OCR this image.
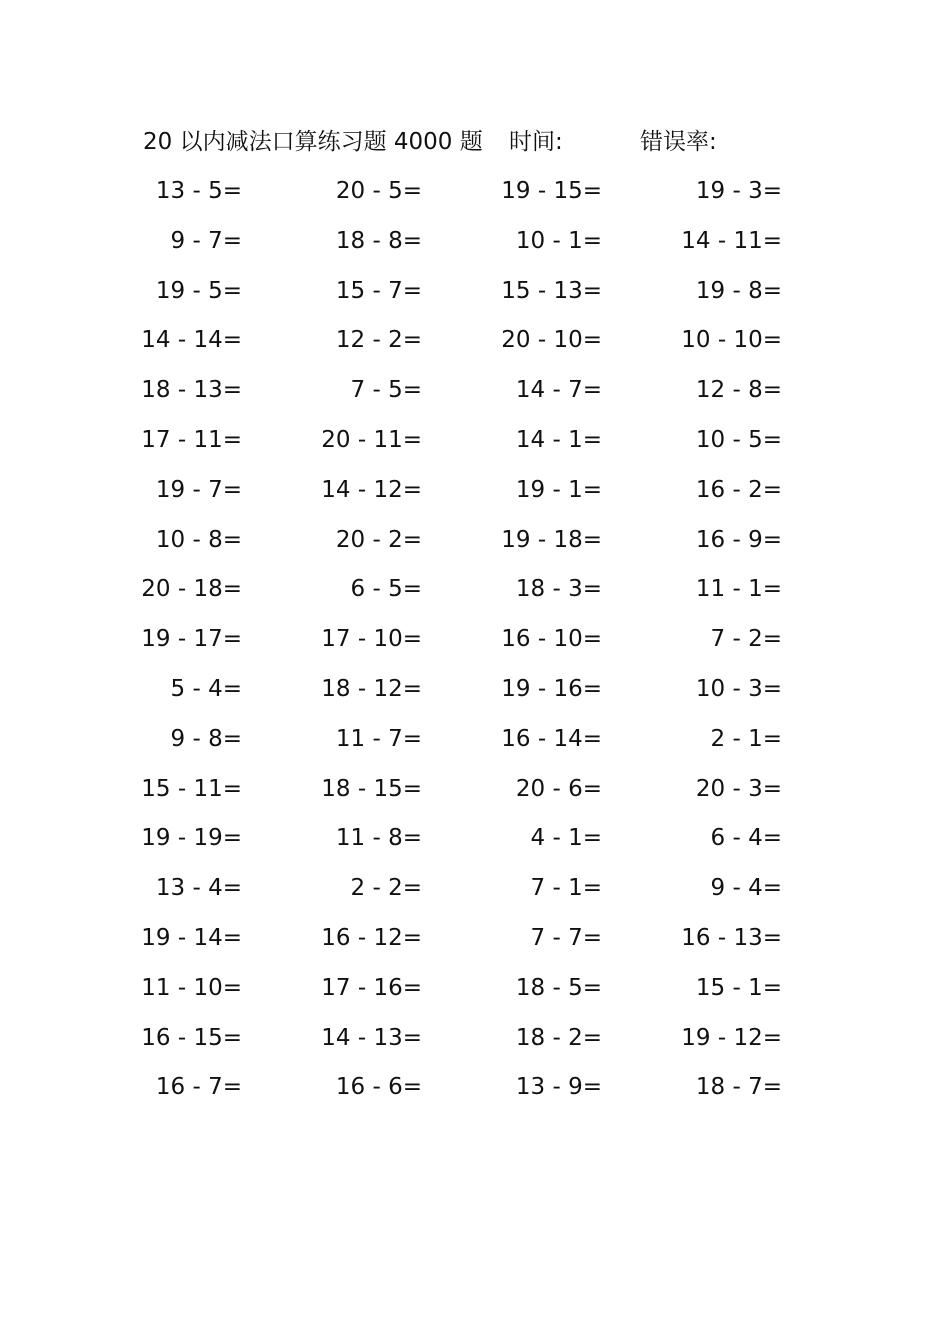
20 以内减法口算练习题 4000 题 时间:	错误率:
13 - 5=	20 - 5=	19 - 15=	19 - 3=
9 - 7=	18 - 8=	10 - 1=	14 - 11=
19 - 5=	15 - 7=	15 - 13=	19 - 8=
14 - 14=	12 - 2=	20 - 10=	10 - 10=
18 - 13=	7 - 5=	14 - 7=	12 - 8=
17 - 11=	20 - 11=	14 - 1=	10 - 5=
19 - 7=	14 - 12=	19 - 1=	16 - 2=
10 - 8=	20 - 2=	19 - 18=	16 - 9=
20 - 18=	6 - 5=	18 - 3=	11 - 1=
19 - 17=	17 - 10=	16 - 10=	7 - 2=
5 - 4=	18 - 12=	19 - 16=	10 - 3=
9 - 8=	11 - 7=	16 - 14=	2 - 1=
15 - 11=	18 - 15=	20 - 6=	20 - 3=
19 - 19=	11 - 8=	4 - 1=	6 - 4=
13 - 4=	2 - 2=	7 - 1=	9 - 4=
19 - 14=	16 - 12=	7 - 7=	16 - 13=
11 - 10=	17 - 16=	18 - 5=	15 - 1=
16 - 15=	14 - 13=	18 - 2=	19 - 12=
16 - 7=	16 - 6=	13 - 9=	18 - 7=
